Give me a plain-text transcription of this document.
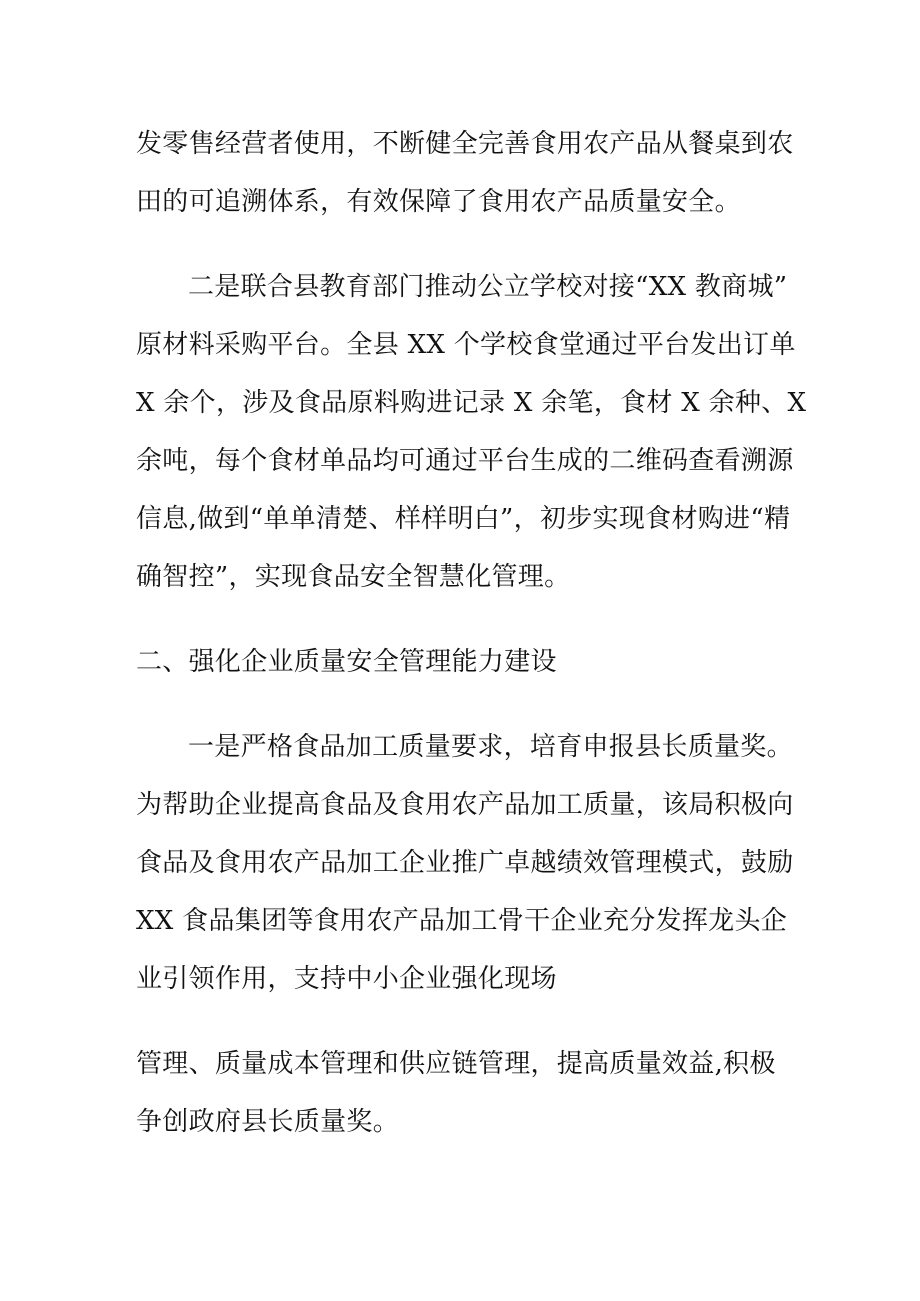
发零售经营者使用，不断健全完善食用农产品从餐桌到农

田的可追溯体系，有效保障了食用农产品质量安全。

二是联合县教育部门推动公立学校对接“XX 教商城”

原材料采购平台。全县 XX 个学校食堂通过平台发出订单

X 余个，涉及食品原料购进记录 X 余笔，食材 X 余种、X

余吨，每个食材单品均可通过平台生成的二维码查看溯源

信息,做到“单单清楚、样样明白”，初步实现食材购进“精

确智控”，实现食品安全智慧化管理。

二、强化企业质量安全管理能力建设

一是严格食品加工质量要求，培育申报县长质量奖。

为帮助企业提高食品及食用农产品加工质量，该局积极向

食品及食用农产品加工企业推广卓越绩效管理模式，鼓励

XX 食品集团等食用农产品加工骨干企业充分发挥龙头企

业引领作用，支持中小企业强化现场

管理、质量成本管理和供应链管理，提高质量效益,积极

争创政府县长质量奖。
